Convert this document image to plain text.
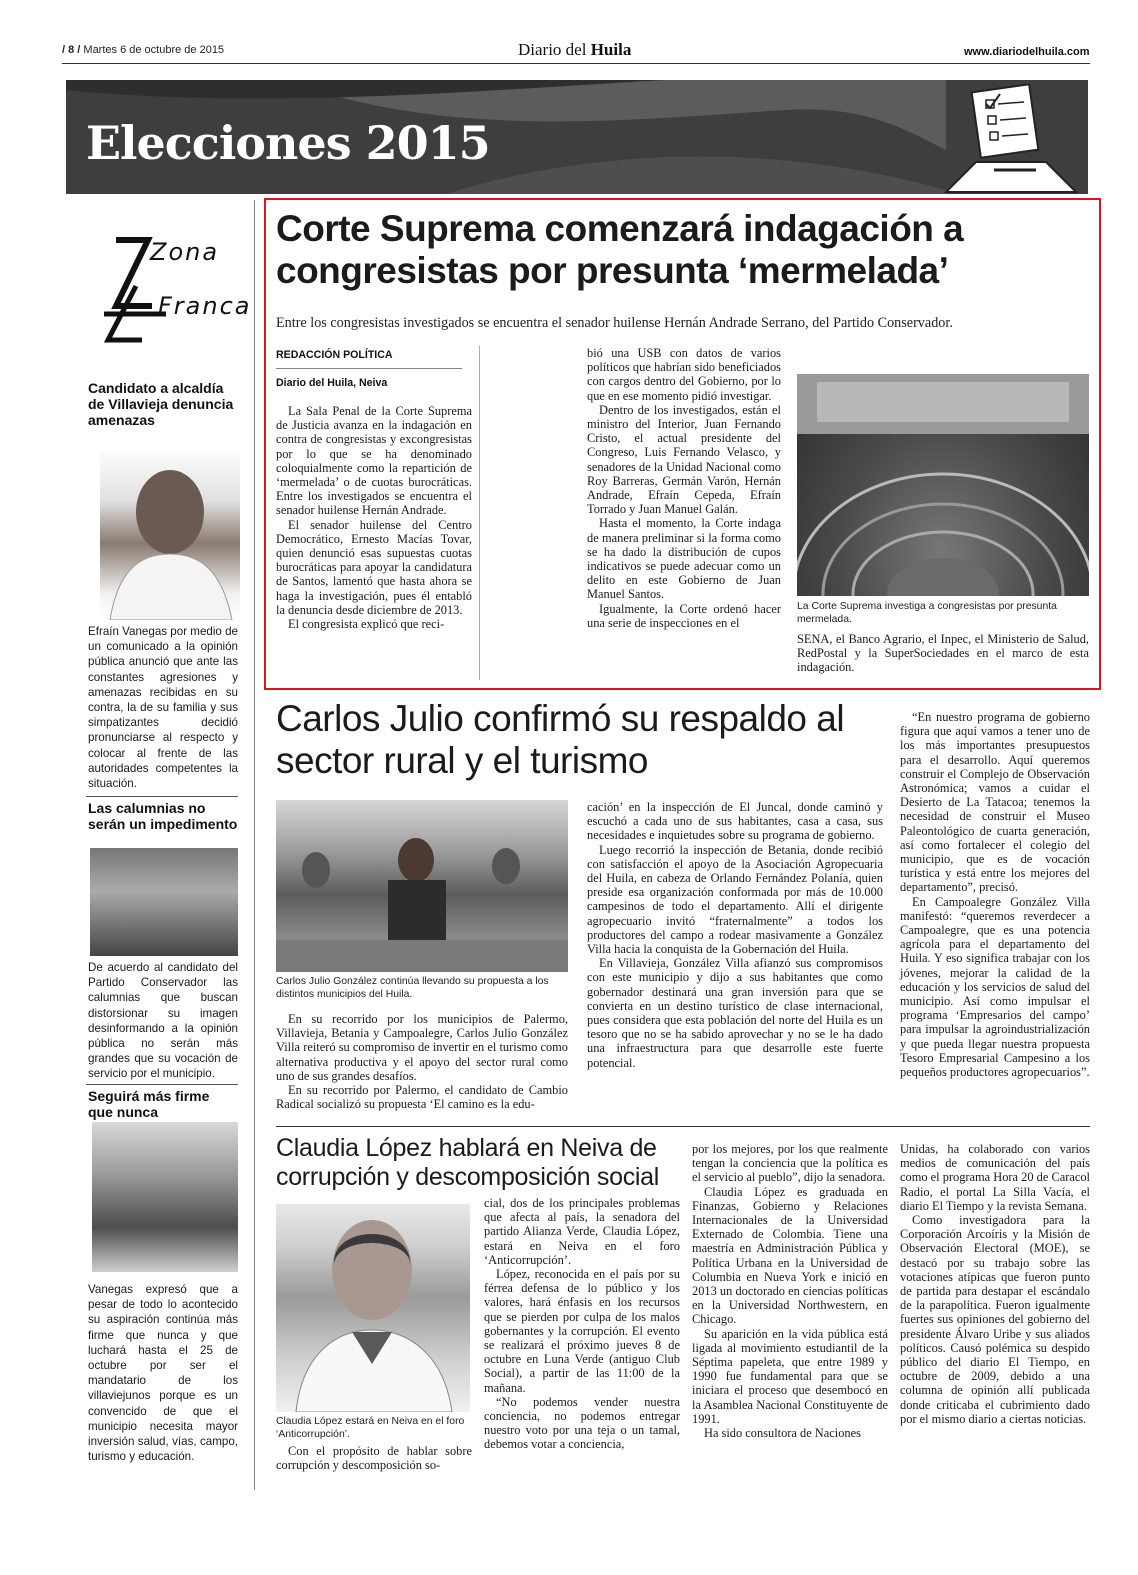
/ 8 / Martes 6 de octubre de 2015	Diario del Huila	www.diariodelhuila.com
Elecciones 2015
Zona
Franca
Candidato a alcaldía de Villavieja denuncia amenazas
Efraín Vanegas por medio de un comunicado a la opinión pública anunció que ante las constantes agresiones y amenazas recibidas en su contra, la de su familia y sus simpatizantes decidió pronunciarse al respecto y colocar al frente de las autoridades competentes la situación.
Las calumnias no serán un impedimento
De acuerdo al candidato del Partido Conservador las calumnias que buscan distorsionar su imagen desinformando a la opinión pública no serán más grandes que su vocación de servicio por el municipio.
Seguirá más firme que nunca
Vanegas expresó que a pesar de todo lo acontecido su aspiración continúa más firme que nunca y que luchará hasta el 25 de octubre por ser el mandatario de los villaviejunos porque es un convencido de que el municipio necesita mayor inversión salud, vías, campo, turismo y educación.
Corte Suprema comenzará indagación a congresistas por presunta ‘mermelada’
Entre los congresistas investigados se encuentra el senador huilense Hernán Andrade Serrano, del Partido Conservador.
REDACCIÓN POLÍTICA
Diario del Huila, Neiva

La Sala Penal de la Corte Suprema de Justicia avanza en la indagación en contra de congresistas y excongresistas por lo que se ha denominado coloquialmente como la repartición de ‘mermelada’ o de cuotas burocráticas. Entre los investigados se encuentra el senador huilense Hernán Andrade.

El senador huilense del Centro Democrático, Ernesto Macías Tovar, quien denunció esas supuestas cuotas burocráticas para apoyar la candidatura de Santos, lamentó que hasta ahora se haga la investigación, pues él entabló la denuncia desde diciembre de 2013.

El congresista explicó que reci-

bió una USB con datos de varios políticos que habrían sido beneficiados con cargos dentro del Gobierno, por lo que en ese momento pidió investigar.

Dentro de los investigados, están el ministro del Interior, Juan Fernando Cristo, el actual presidente del Congreso, Luis Fernando Velasco, y senadores de la Unidad Nacional como Roy Barreras, Germán Varón, Hernán Andrade, Efraín Cepeda, Efraín Torrado y Juan Manuel Galán.

Hasta el momento, la Corte indaga de manera preliminar si la forma como se ha dado la distribución de cupos indicativos se puede adecuar como un delito en este Gobierno de Juan Manuel Santos.

Igualmente, la Corte ordenó hacer una serie de inspecciones en el

La Corte Suprema investiga a congresistas por presunta mermelada.

SENA, el Banco Agrario, el Inpec, el Ministerio de Salud, RedPostal y la SuperSociedades en el marco de esta indagación.

Carlos Julio confirmó su respaldo al sector rural y el turismo
Carlos Julio González continúa llevando su propuesta a los distintos municipios del Huila.

En su recorrido por los municipios de Palermo, Villavieja, Betania y Campoalegre, Carlos Julio González Villa reiteró su compromiso de invertir en el turismo como alternativa productiva y el apoyo del sector rural como uno de sus grandes desafíos.

En su recorrido por Palermo, el candidato de Cambio Radical socializó su propuesta ‘El camino es la edu-

cación’ en la inspección de El Juncal, donde caminó y escuchó a cada uno de sus habitantes, casa a casa, sus necesidades e inquietudes sobre su programa de gobierno.

Luego recorrió la inspección de Betania, donde recibió con satisfacción el apoyo de la Asociación Agropecuaria del Huila, en cabeza de Orlando Fernández Polanía, quien preside esa organización conformada por más de 10.000 campesinos de todo el departamento. Allí el dirigente agropecuario invitó “fraternalmente” a todos los productores del campo a rodear masivamente a González Villa hacia la conquista de la Gobernación del Huila.

En Villavieja, González Villa afianzó sus compromisos con este municipio y dijo a sus habitantes que como gobernador destinará una gran inversión para que se convierta en un destino turístico de clase internacional, pues considera que esta población del norte del Huila es un tesoro que no se ha sabido aprovechar y no se le ha dado una infraestructura para que desarrolle este fuerte potencial.

“En nuestro programa de gobierno figura que aquí vamos a tener uno de los más importantes presupuestos para el desarrollo. Aquí queremos construir el Complejo de Observación Astronómica; vamos a cuidar el Desierto de La Tatacoa; tenemos la necesidad de construir el Museo Paleontológico de cuarta generación, así como fortalecer el colegio del municipio, que es de vocación turística y está entre los mejores del departamento”, precisó.

En Campoalegre González Villa manifestó: “queremos reverdecer a Campoalegre, que es una potencia agrícola para el departamento del Huila. Y eso significa trabajar con los jóvenes, mejorar la calidad de la educación y los servicios de salud del municipio. Así como impulsar el programa ‘Empresarios del campo’ para impulsar la agroindustrialización y que pueda llegar nuestra propuesta Tesoro Empresarial Campesino a los pequeños productores agropecuarios”.

Claudia López hablará en Neiva de corrupción y descomposición social
Claudia López estará en Neiva en el foro ‘Anticorrupción’.

Con el propósito de hablar sobre corrupción y descomposición so-

cial, dos de los principales problemas que afecta al país, la senadora del partido Alianza Verde, Claudia López, estará en Neiva en el foro ‘Anticorrupción’.

López, reconocida en el país por su férrea defensa de lo público y los valores, hará énfasis en los recursos que se pierden por culpa de los malos gobernantes y la corrupción. El evento se realizará el próximo jueves 8 de octubre en Luna Verde (antiguo Club Social), a partir de las 11:00 de la mañana.

“No podemos vender nuestra conciencia, no podemos entregar nuestro voto por una teja o un tamal, debemos votar a conciencia,

por los mejores, por los que realmente tengan la conciencia que la política es el servicio al pueblo”, dijo la senadora.

Claudia López es graduada en Finanzas, Gobierno y Relaciones Internacionales de la Universidad Externado de Colombia. Tiene una maestría en Administración Pública y Política Urbana en la Universidad de Columbia en Nueva York e inició en 2013 un doctorado en ciencias políticas en la Universidad Northwestern, en Chicago.

Su aparición en la vida pública está ligada al movimiento estudiantil de la Séptima papeleta, que entre 1989 y 1990 fue fundamental para que se iniciara el proceso que desembocó en la Asamblea Nacional Constituyente de 1991.

Ha sido consultora de Naciones

Unidas, ha colaborado con varios medios de comunicación del país como el programa Hora 20 de Caracol Radio, el portal La Silla Vacía, el diario El Tiempo y la revista Semana.

Como investigadora para la Corporación Arcoíris y la Misión de Observación Electoral (MOE), se destacó por su trabajo sobre las votaciones atípicas que fueron punto de partida para destapar el escándalo de la parapolítica. Fueron igualmente fuertes sus opiniones del gobierno del presidente Álvaro Uribe y sus aliados políticos. Causó polémica su despido público del diario El Tiempo, en octubre de 2009, debido a una columna de opinión allí publicada donde criticaba el cubrimiento dado por el mismo diario a ciertas noticias.
